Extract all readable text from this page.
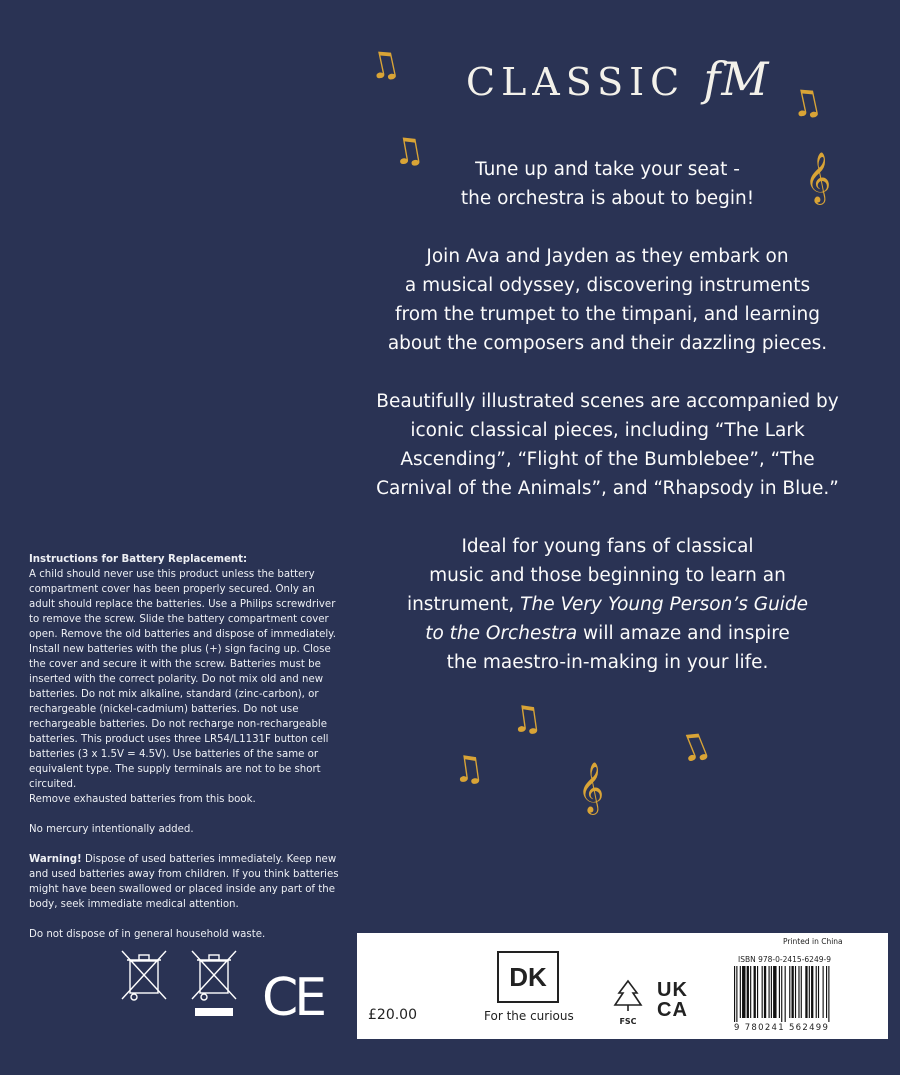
CLASSIC fM
♫
♫
♫
𝄞
♫
♫
♫ 𝄞

Tune up and take your seat -
the orchestra is about to begin!

Join Ava and Jayden as they embark on
a musical odyssey, discovering instruments
from the trumpet to the timpani, and learning
about the composers and their dazzling pieces.

Beautifully illustrated scenes are accompanied by
iconic classical pieces, including “The Lark
Ascending”, “Flight of the Bumblebee”, “The
Carnival of the Animals”, and “Rhapsody in Blue.”

Ideal for young fans of classical
music and those beginning to learn an
instrument, The Very Young Person’s Guide
to the Orchestra will amaze and inspire
the maestro-in-making in your life.

Instructions for Battery Replacement:
A child should never use this product unless the battery compartment cover has been properly secured. Only an adult should replace the batteries. Use a Philips screwdriver to remove the screw. Slide the battery compartment cover open. Remove the old batteries and dispose of immediately. Install new batteries with the plus (+) sign facing up. Close the cover and secure it with the screw. Batteries must be inserted with the correct polarity. Do not mix old and new batteries. Do not mix alkaline, standard (zinc-carbon), or rechargeable (nickel-cadmium) batteries. Do not use rechargeable batteries. Do not recharge non-rechargeable batteries. This product uses three LR54/L1131F button cell batteries (3 x 1.5V = 4.5V). Use batteries of the same or equivalent type. The supply terminals are not to be short circuited.
Remove exhausted batteries from this book.

No mercury intentionally added.

Warning! Dispose of used batteries immediately. Keep new and used batteries away from children. If you think batteries might have been swallowed or placed inside any part of the body, seek immediate medical attention.

Do not dispose of in general household waste.

CE	£20.00
DK
For the curious	FSC
UK
CA
Printed in China
ISBN 978-0-2415-6249-9
9 780241 562499
